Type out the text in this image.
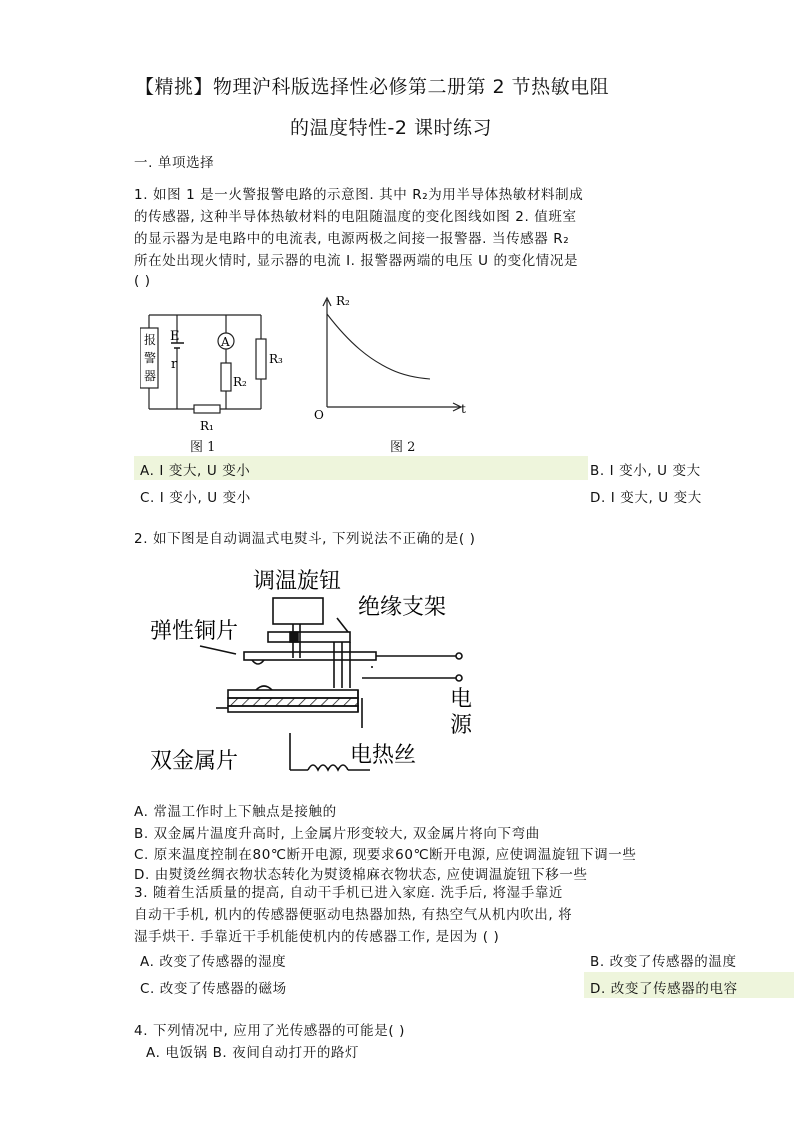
【精挑】物理沪科版选择性必修第二册第 2 节热敏电阻
的温度特性-2 课时练习
一. 单项选择
1. 如图 1 是一火警报警电路的示意图. 其中 R₂为用半导体热敏材料制成
的传感器, 这种半导体热敏材料的电阻随温度的变化图线如图 2. 值班室
的显示器为是电路中的电流表, 电源两极之间接一报警器. 当传感器 R₂
所在处出现火情时, 显示器的电流 I. 报警器两端的电压 U 的变化情况是
( )
报
警
器
E
r
A
R₂
R₃
R₁
图 1
R₂
t
O
图 2
A. I 变大, U 变小	B. I 变小, U 变大
C. I 变小, U 变小	D. I 变大, U 变大
2. 如下图是自动调温式电熨斗, 下列说法不正确的是( )
调温旋钮
绝缘支架
弹性铜片
电
源
双金属片	电热丝
A. 常温工作时上下触点是接触的
B. 双金属片温度升高时, 上金属片形变较大, 双金属片将向下弯曲
C. 原来温度控制在80℃断开电源, 现要求60℃断开电源, 应使调温旋钮下调一些
D. 由熨烫丝绸衣物状态转化为熨烫棉麻衣物状态, 应使调温旋钮下移一些
3. 随着生活质量的提高, 自动干手机已进入家庭. 洗手后, 将湿手靠近
自动干手机, 机内的传感器便驱动电热器加热, 有热空气从机内吹出, 将
湿手烘干. 手靠近干手机能使机内的传感器工作, 是因为 ( )
A. 改变了传感器的湿度	B. 改变了传感器的温度
C. 改变了传感器的磁场	D. 改变了传感器的电容
4. 下列情况中, 应用了光传感器的可能是( )
A. 电饭锅 B. 夜间自动打开的路灯
